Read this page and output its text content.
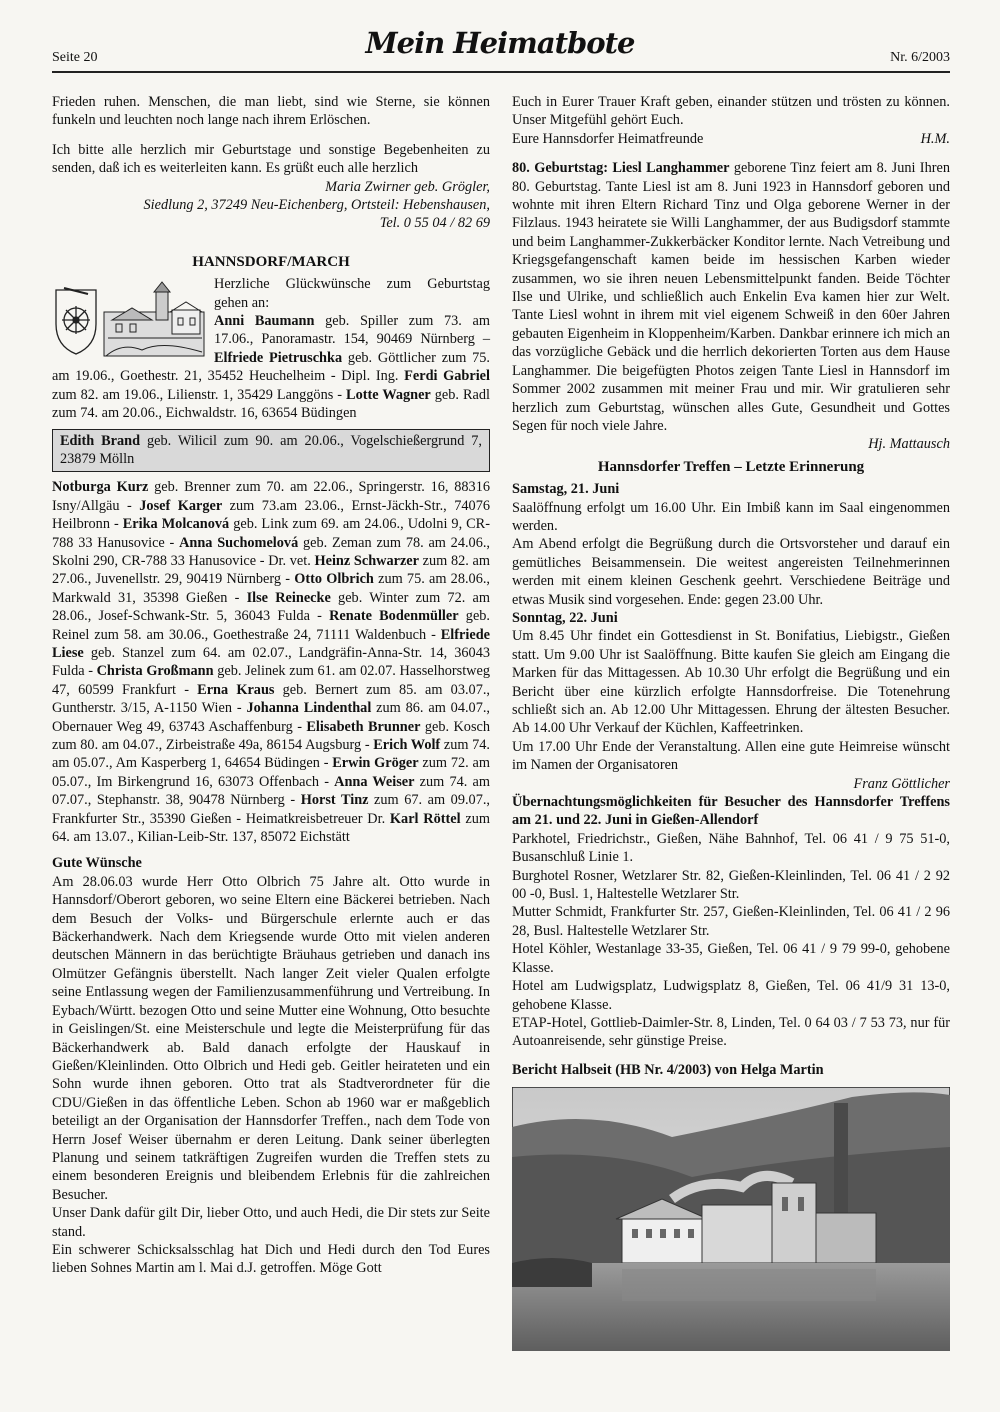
Seite 20	Mein Heimatbote	Nr. 6/2003

Frieden ruhen. Menschen, die man liebt, sind wie Sterne, sie können funkeln und leuchten noch lange nach ihrem Erlöschen.

Ich bitte alle herzlich mir Geburtstage und sonstige Begebenheiten zu senden, daß ich es weiterleiten kann. Es grüßt euch alle herzlich

Maria Zwirner geb. Grögler,

Siedlung 2, 37249 Neu-Eichenberg, Ortsteil: Hebenshausen,

Tel. 0 55 04 / 82 69

HANNSDORF/MARCH

Herzliche Glückwünsche zum Geburtstag gehen an:

Anni Baumann geb. Spiller zum 73. am 17.06., Panoramastr. 154, 90469 Nürnberg – Elfriede Pietruschka geb. Göttlicher zum 75. am 19.06., Goethestr. 21, 35452 Heuchelheim - Dipl. Ing. Ferdi Gabriel zum 82. am 19.06., Lilienstr. 1, 35429 Langgöns - Lotte Wagner geb. Radl zum 74. am 20.06., Eichwaldstr. 16, 63654 Büdingen

Edith Brand geb. Wilicil zum 90. am 20.06., Vogelschießergrund 7, 23879 Mölln

Notburga Kurz geb. Brenner zum 70. am 22.06., Springerstr. 16, 88316 Isny/Allgäu - Josef Karger zum 73.am 23.06., Ernst-Jäckh-Str., 74076 Heilbronn - Erika Molcanová geb. Link zum 69. am 24.06., Udolni 9, CR-788 33 Hanusovice - Anna Suchomelová geb. Zeman zum 78. am 24.06., Skolni 290, CR-788 33 Hanusovice - Dr. vet. Heinz Schwarzer zum 82. am 27.06., Juvenellstr. 29, 90419 Nürnberg - Otto Olbrich zum 75. am 28.06., Markwald 31, 35398 Gießen - Ilse Reinecke geb. Winter zum 72. am 28.06., Josef-Schwank-Str. 5, 36043 Fulda - Renate Bodenmüller geb. Reinel zum 58. am 30.06., Goethestraße 24, 71111 Waldenbuch - Elfriede Liese geb. Stanzel zum 64. am 02.07., Landgräfin-Anna-Str. 14, 36043 Fulda - Christa Großmann geb. Jelinek zum 61. am 02.07. Hasselhorstweg 47, 60599 Frankfurt - Erna Kraus geb. Bernert zum 85. am 03.07., Guntherstr. 3/15, A-1150 Wien - Johanna Lindenthal zum 86. am 04.07., Obernauer Weg 49, 63743 Aschaffenburg - Elisabeth Brunner geb. Kosch zum 80. am 04.07., Zirbeistraße 49a, 86154 Augsburg - Erich Wolf zum 74. am 05.07., Am Kasperberg 1, 64654 Büdingen - Erwin Gröger zum 72. am 05.07., Im Birkengrund 16, 63073 Offenbach - Anna Weiser zum 74. am 07.07., Stephanstr. 38, 90478 Nürnberg - Horst Tinz zum 67. am 09.07., Frankfurter Str., 35390 Gießen - Heimatkreisbetreuer Dr. Karl Röttel zum 64. am 13.07., Kilian-Leib-Str. 137, 85072 Eichstätt

Gute Wünsche

Am 28.06.03 wurde Herr Otto Olbrich 75 Jahre alt. Otto wurde in Hannsdorf/Oberort geboren, wo seine Eltern eine Bäckerei betrieben. Nach dem Besuch der Volks- und Bürgerschule erlernte auch er das Bäckerhandwerk. Nach dem Kriegsende wurde Otto mit vielen anderen deutschen Männern in das berüchtigte Bräuhaus getrieben und danach ins Olmützer Gefängnis überstellt. Nach langer Zeit vieler Qualen erfolgte seine Entlassung wegen der Familienzusammenführung und Vertreibung. In Eybach/Württ. bezogen Otto und seine Mutter eine Wohnung, Otto besuchte in Geislingen/St. eine Meisterschule und legte die Meisterprüfung für das Bäckerhandwerk ab. Bald danach erfolgte der Hauskauf in Gießen/Kleinlinden. Otto Olbrich und Hedi geb. Geitler heirateten und ein Sohn wurde ihnen geboren. Otto trat als Stadtverordneter für die CDU/Gießen in das öffentliche Leben. Schon ab 1960 war er maßgeblich beteiligt an der Organisation der Hannsdorfer Treffen., nach dem Tode von Herrn Josef Weiser übernahm er deren Leitung. Dank seiner überlegten Planung und seinem tatkräftigen Zugreifen wurden die Treffen stets zu einem besonderen Ereignis und bleibendem Erlebnis für die zahlreichen Besucher.

Unser Dank dafür gilt Dir, lieber Otto, und auch Hedi, die Dir stets zur Seite stand.

Ein schwerer Schicksalsschlag hat Dich und Hedi durch den Tod Eures lieben Sohnes Martin am l. Mai d.J. getroffen. Möge Gott

Euch in Eurer Trauer Kraft geben, einander stützen und trösten zu können. Unser Mitgefühl gehört Euch.

Eure Hannsdorfer Heimatfreunde	H.M.

80. Geburtstag: Liesl Langhammer geborene Tinz feiert am 8. Juni Ihren 80. Geburtstag. Tante Liesl ist am 8. Juni 1923 in Hannsdorf geboren und wohnte mit ihren Eltern Richard Tinz und Olga geborene Werner in der Filzlaus. 1943 heiratete sie Willi Langhammer, der aus Budigsdorf stammte und beim Langhammer-Zukkerbäcker Konditor lernte. Nach Vetreibung und Kriegsgefangenschaft kamen beide im hessischen Karben wieder zusammen, wo sie ihren neuen Lebensmittelpunkt fanden. Beide Töchter Ilse und Ulrike, und schließlich auch Enkelin Eva kamen hier zur Welt. Tante Liesl wohnt in ihrem mit viel eigenem Schweiß in den 60er Jahren gebauten Eigenheim in Kloppenheim/Karben. Dankbar erinnere ich mich an das vorzügliche Gebäck und die herrlich dekorierten Torten aus dem Hause Langhammer. Die beigefügten Photos zeigen Tante Liesl in Hannsdorf im Sommer 2002 zusammen mit meiner Frau und mir. Wir gratulieren sehr herzlich zum Geburtstag, wünschen alles Gute, Gesundheit und Gottes Segen für noch viele Jahre.

Hj. Mattausch

Hannsdorfer Treffen – Letzte Erinnerung

Samstag, 21. Juni

Saalöffnung erfolgt um 16.00 Uhr. Ein Imbiß kann im Saal eingenommen werden.

Am Abend erfolgt die Begrüßung durch die Ortsvorsteher und darauf ein gemütliches Beisammensein. Die weitest angereisten Teilnehmerinnen werden mit einem kleinen Geschenk geehrt. Verschiedene Beiträge und etwas Musik sind vorgesehen. Ende: gegen 23.00 Uhr.

Sonntag, 22. Juni

Um 8.45 Uhr findet ein Gottesdienst in St. Bonifatius, Liebigstr., Gießen statt. Um 9.00 Uhr ist Saalöffnung. Bitte kaufen Sie gleich am Eingang die Marken für das Mittagessen. Ab 10.30 Uhr erfolgt die Begrüßung und ein Bericht über eine kürzlich erfolgte Hannsdorfreise. Die Totenehrung schließt sich an. Ab 12.00 Uhr Mittagessen. Ehrung der ältesten Besucher. Ab 14.00 Uhr Verkauf der Küchlen, Kaffeetrinken.

Um 17.00 Uhr Ende der Veranstaltung. Allen eine gute Heimreise wünscht im Namen der Organisatoren

Franz Göttlicher

Übernachtungsmöglichkeiten für Besucher des Hannsdorfer Treffens am 21. und 22. Juni in Gießen-Allendorf

Parkhotel, Friedrichstr., Gießen, Nähe Bahnhof, Tel. 06 41 / 9 75 51-0, Busanschluß Linie 1.

Burghotel Rosner, Wetzlarer Str. 82, Gießen-Kleinlinden, Tel. 06 41 / 2 92 00 -0, Busl. 1, Haltestelle Wetzlarer Str.

Mutter Schmidt, Frankfurter Str. 257, Gießen-Kleinlinden, Tel. 06 41 / 2 96 28, Busl. Haltestelle Wetzlarer Str.

Hotel Köhler, Westanlage 33-35, Gießen, Tel. 06 41 / 9 79 99-0, gehobene Klasse.

Hotel am Ludwigsplatz, Ludwigsplatz 8, Gießen, Tel. 06 41/9 31 13-0, gehobene Klasse.

ETAP-Hotel, Gottlieb-Daimler-Str. 8, Linden, Tel. 0 64 03 / 7 53 73, nur für Autoanreisende, sehr günstige Preise.

Bericht Halbseit (HB Nr. 4/2003) von Helga Martin
